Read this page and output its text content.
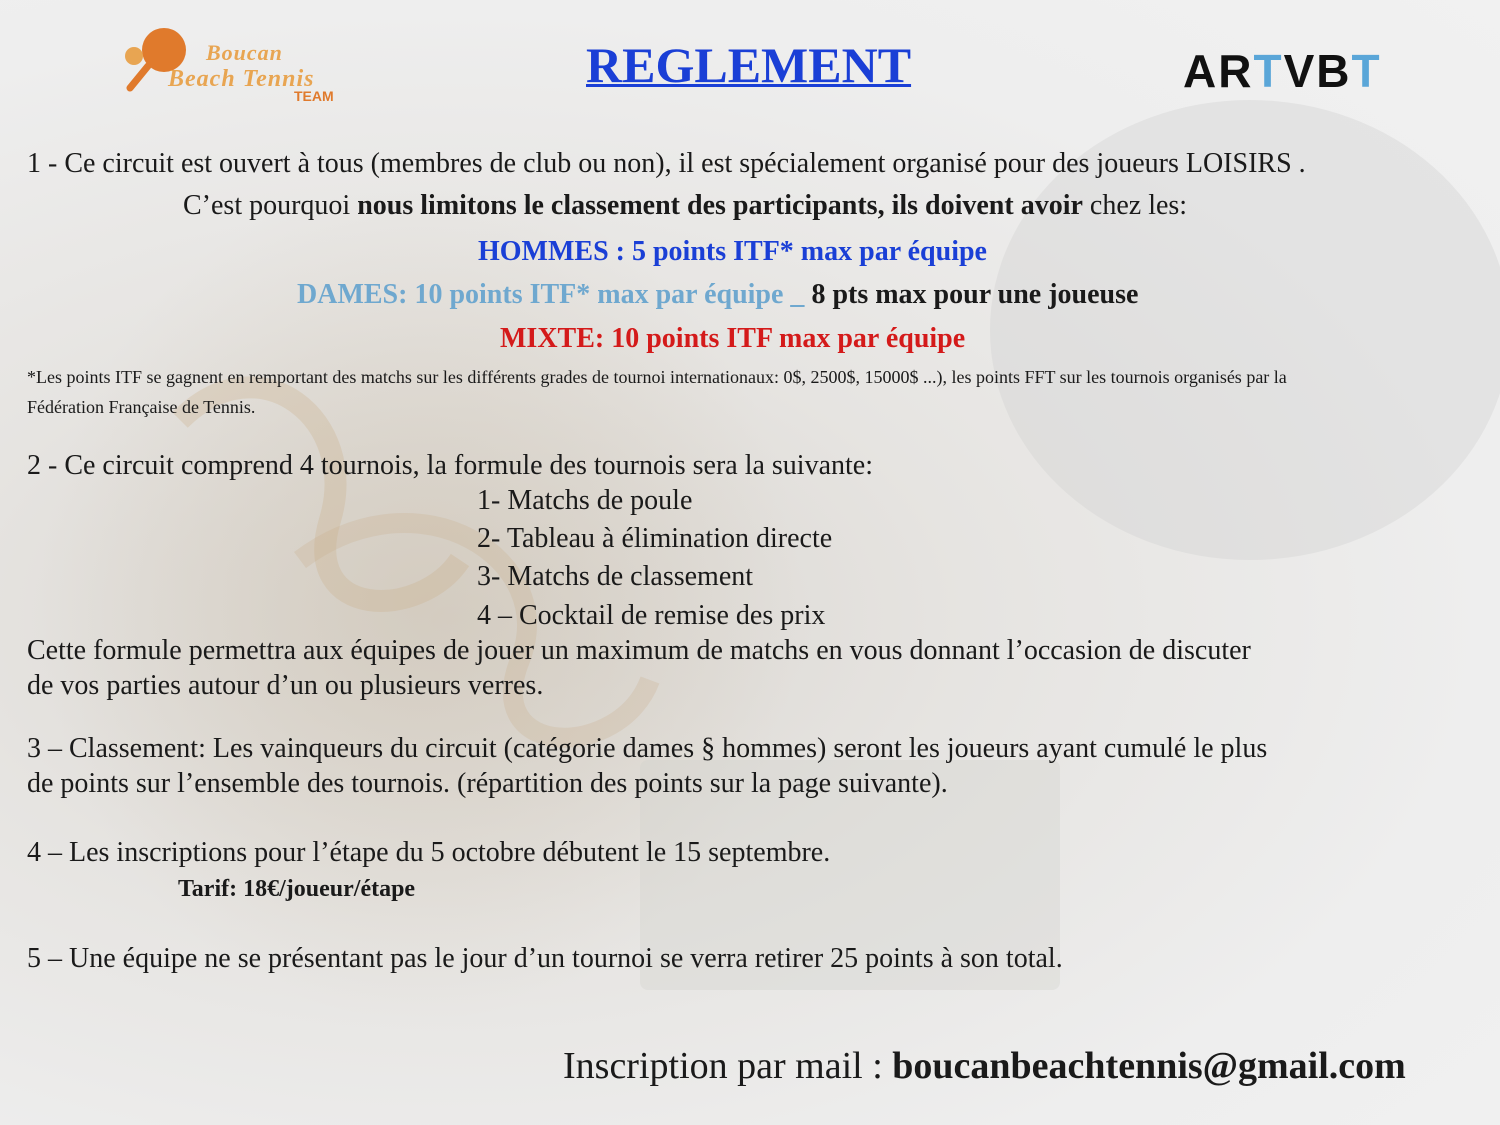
Boucan
Beach Tennis
TEAM
REGLEMENT	ARTVBT
1 - Ce circuit est ouvert à tous (membres de club ou non), il est spécialement organisé pour des joueurs LOISIRS .
C’est pourquoi nous limitons le classement des participants, ils doivent avoir chez les:
HOMMES : 5 points ITF* max par équipe
DAMES: 10 points ITF* max par équipe _ 8 pts max pour une joueuse
MIXTE: 10 points ITF max par équipe
*Les points ITF se gagnent en remportant des matchs sur les différents grades de tournoi internationaux: 0$, 2500$, 15000$ ...), les points FFT sur les tournois organisés par la
Fédération Française de Tennis.
2 - Ce circuit comprend 4 tournois, la formule des tournois sera la suivante:
1- Matchs de poule
2- Tableau à élimination directe
3- Matchs de classement
4 – Cocktail de remise des prix
Cette formule permettra aux équipes de jouer un maximum de matchs en vous donnant l’occasion de discuter
de vos parties autour d’un ou plusieurs verres.
3 – Classement: Les vainqueurs du circuit (catégorie dames § hommes) seront les joueurs ayant cumulé le plus
de points sur l’ensemble des tournois. (répartition des points sur la page suivante).
4 – Les inscriptions pour l’étape du 5 octobre débutent le 15 septembre.
Tarif: 18€/joueur/étape
5 – Une équipe ne se présentant pas le jour d’un tournoi se verra retirer 25 points à son total.
Inscription par mail : boucanbeachtennis@gmail.com
